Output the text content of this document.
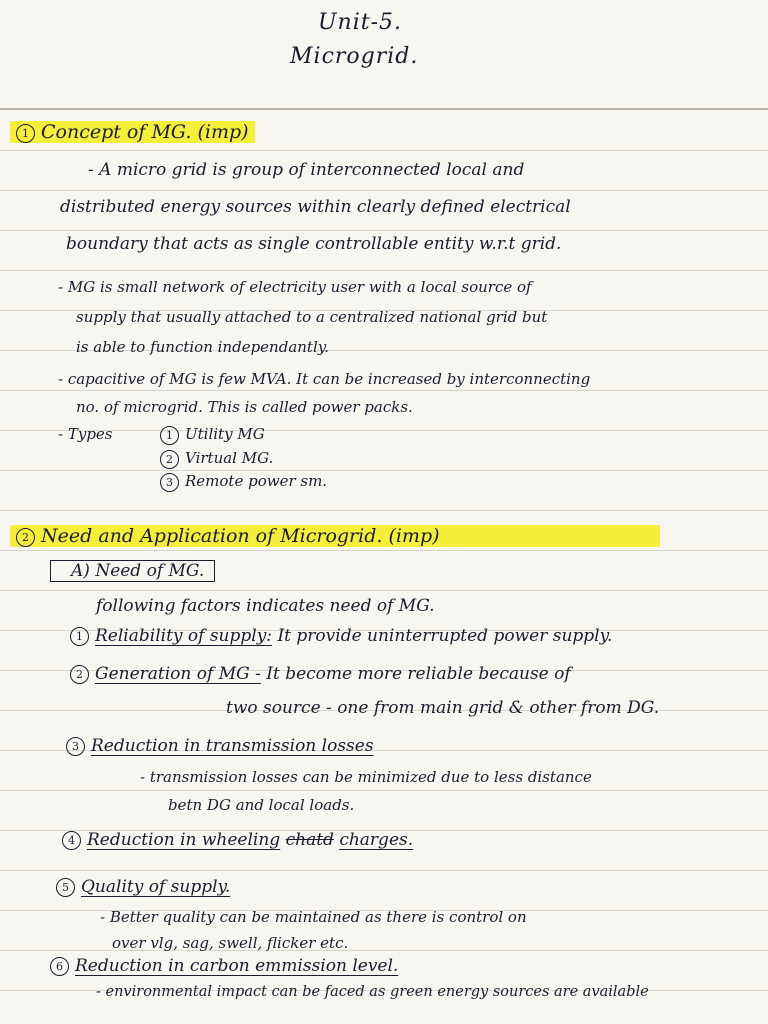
Unit-5.
Microgrid.
1 Concept of MG. (imp)
- A micro grid is group of interconnected local and
distributed energy sources within clearly defined electrical
boundary that acts as single controllable entity w.r.t grid.
- MG is small network of electricity user with a local source of
supply that usually attached to a centralized national grid but
is able to function independantly.
- capacitive of MG is few MVA. It can be increased by interconnecting
no. of microgrid. This is called power packs.
- Types	1 Utility MG
2 Virtual MG.
3 Remote power sm.
2 Need and Application of Microgrid. (imp)
A) Need of MG.
following factors indicates need of MG.
1 Reliability of supply: It provide uninterrupted power supply.
2 Generation of MG - It become more reliable because of
two source - one from main grid & other from DG.
3 Reduction in transmission losses
- transmission losses can be minimized due to less distance
betn DG and local loads.
4 Reduction in wheeling chatd charges.
5 Quality of supply.
- Better quality can be maintained as there is control on
over vlg, sag, swell, flicker etc.
6 Reduction in carbon emmission level.
- environmental impact can be faced as green energy sources are available
